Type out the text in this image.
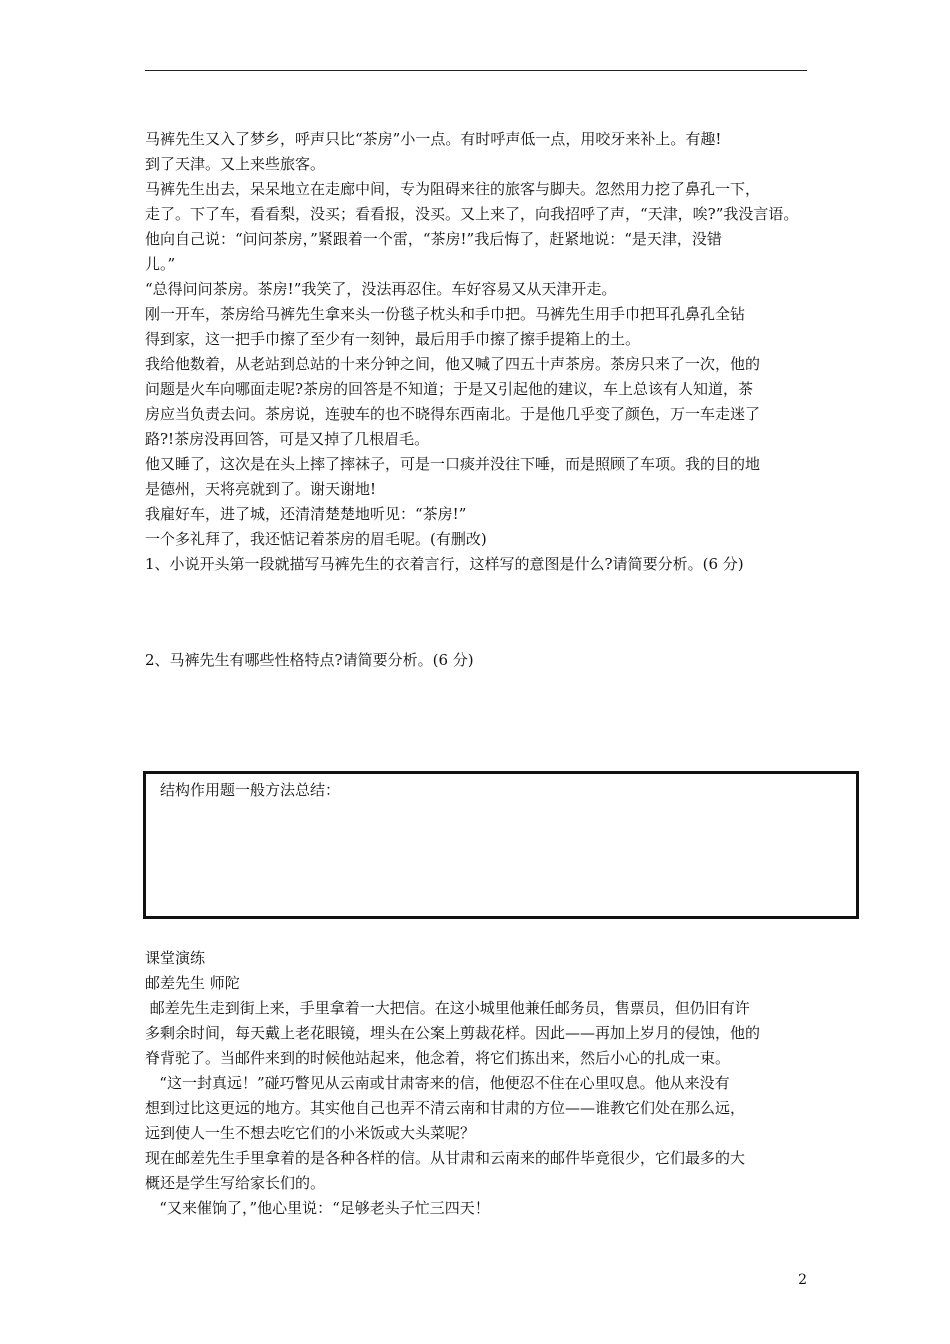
马裤先生又入了梦乡，呼声只比“茶房”小一点。有时呼声低一点，用咬牙来补上。有趣!

到了天津。又上来些旅客。

马裤先生出去，呆呆地立在走廊中间，专为阻碍来往的旅客与脚夫。忽然用力挖了鼻孔一下，

走了。下了车，看看梨，没买；看看报，没买。又上来了，向我招呼了声，“天津，唉?”我没言语。

他向自己说：“问问茶房，”紧跟着一个雷，“茶房!”我后悔了，赶紧地说：“是天津，没错

儿。”

“总得问问茶房。茶房!”我笑了，没法再忍住。车好容易又从天津开走。

刚一开车，茶房给马裤先生拿来头一份毯子枕头和手巾把。马裤先生用手巾把耳孔鼻孔全钻

得到家，这一把手巾擦了至少有一刻钟，最后用手巾擦了擦手提箱上的土。

我给他数着，从老站到总站的十来分钟之间，他又喊了四五十声茶房。茶房只来了一次，他的

问题是火车向哪面走呢?茶房的回答是不知道；于是又引起他的建议，车上总该有人知道，茶

房应当负责去问。茶房说，连驶车的也不晓得东西南北。于是他几乎变了颜色，万一车走迷了

路?!茶房没再回答，可是又掉了几根眉毛。

他又睡了，这次是在头上摔了摔袜子，可是一口痰并没往下唾，而是照顾了车项。我的目的地

是德州，天将亮就到了。谢天谢地!

我雇好车，进了城，还清清楚楚地听见：“茶房!”

一个多礼拜了，我还惦记着茶房的眉毛呢。(有删改)

1、小说开头第一段就描写马裤先生的衣着言行，这样写的意图是什么?请简要分析。(6 分)

2、马裤先生有哪些性格特点?请简要分析。(6 分)
结构作用题一般方法总结：

课堂演练

邮差先生 师陀

邮差先生走到街上来，手里拿着一大把信。在这小城里他兼任邮务员，售票员，但仍旧有许

多剩余时间，每天戴上老花眼镜，埋头在公案上剪裁花样。因此——再加上岁月的侵蚀，他的

脊背驼了。当邮件来到的时候他站起来，他念着，将它们拣出来，然后小心的扎成一束。

“这一封真远！”碰巧瞥见从云南或甘肃寄来的信，他便忍不住在心里叹息。他从来没有

想到过比这更远的地方。其实他自己也弄不清云南和甘肃的方位——谁教它们处在那么远，

远到使人一生不想去吃它们的小米饭或大头菜呢？

现在邮差先生手里拿着的是各种各样的信。从甘肃和云南来的邮件毕竟很少，它们最多的大

概还是学生写给家长们的。

“又来催饷了，”他心里说：“足够老头子忙三四天！

2
